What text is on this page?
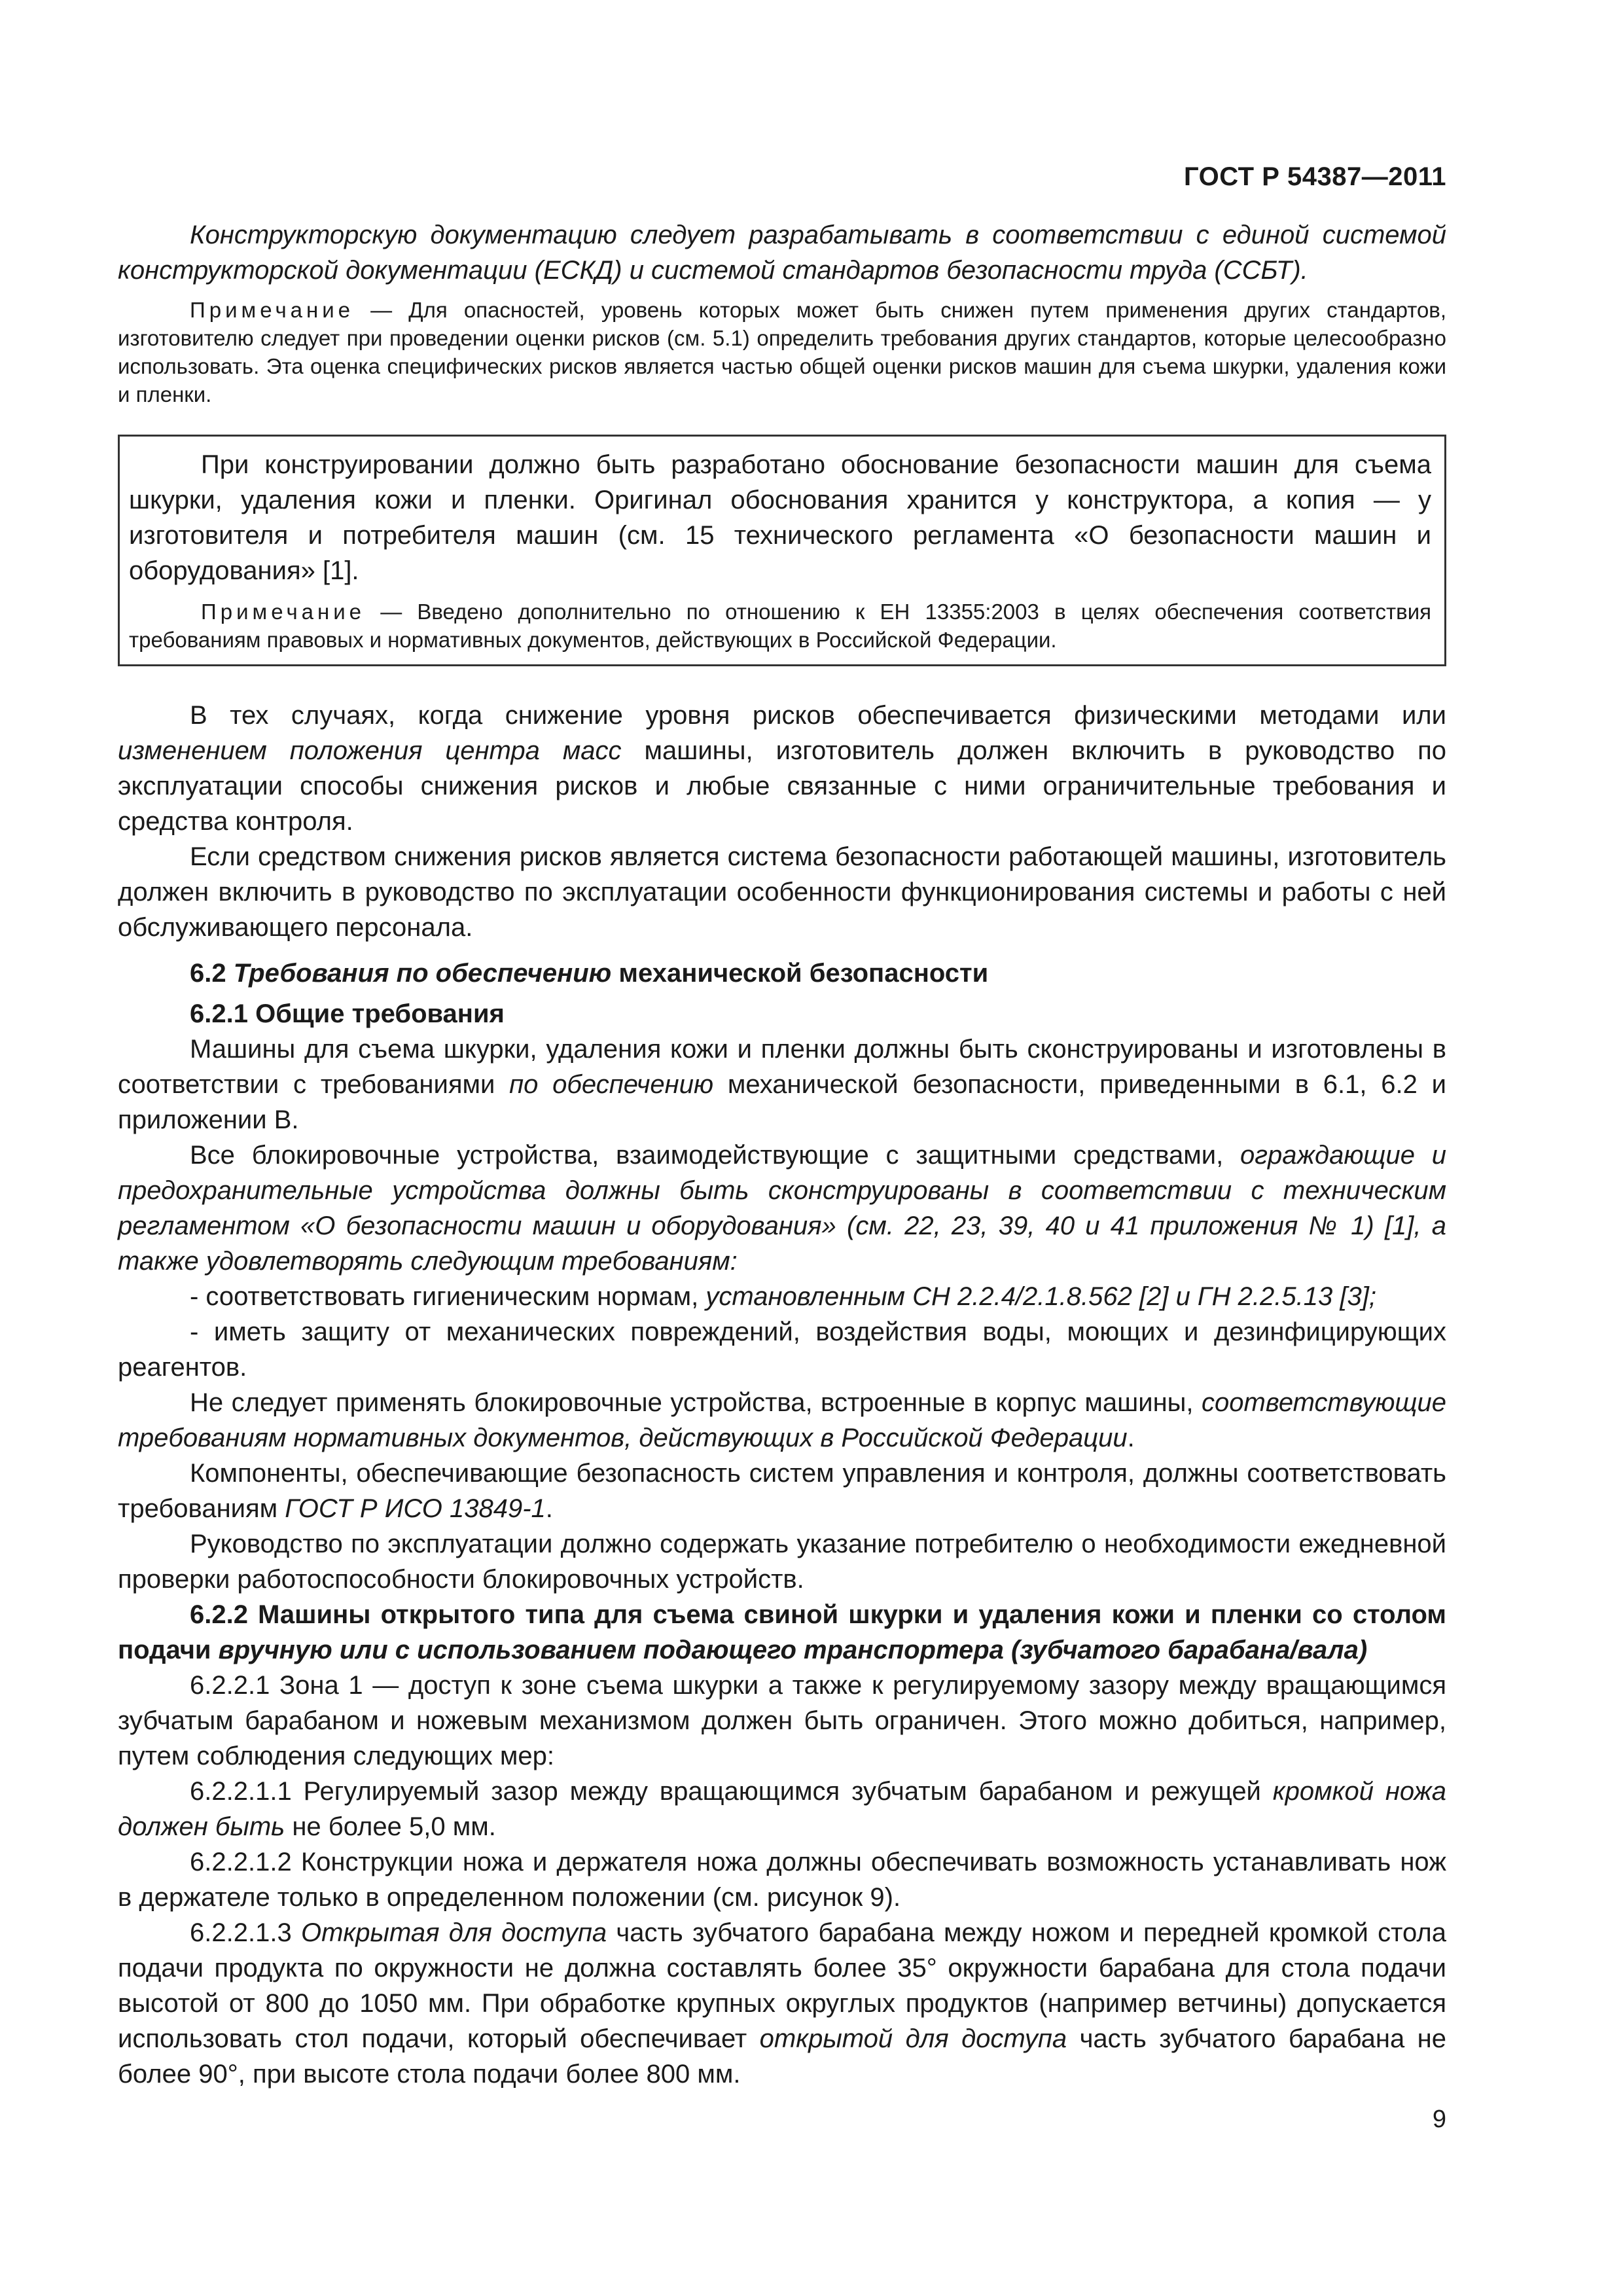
ГОСТ Р 54387—2011

Конструкторскую документацию следует разрабатывать в соответствии с единой системой конструкторской документации (ЕСКД) и системой стандартов безопасности труда (ССБТ).

Примечание — Для опасностей, уровень которых может быть снижен путем применения других стандартов, изготовителю следует при проведении оценки рисков (см. 5.1) определить требования других стандартов, которые целесообразно использовать. Эта оценка специфических рисков является частью общей оценки рисков машин для съема шкурки, удаления кожи и пленки.

При конструировании должно быть разработано обоснование безопасности машин для съема шкурки, удаления кожи и пленки. Оригинал обоснования хранится у конструктора, а копия — у изготовителя и потребителя машин (см. 15 технического регламента «О безопасности машин и оборудования» [1].

Примечание — Введено дополнительно по отношению к ЕН 13355:2003 в целях обеспечения соответствия требованиям правовых и нормативных документов, действующих в Российской Федерации.

В тех случаях, когда снижение уровня рисков обеспечивается физическими методами или изменением положения центра масс машины, изготовитель должен включить в руководство по эксплуатации способы снижения рисков и любые связанные с ними ограничительные требования и средства контроля.

Если средством снижения рисков является система безопасности работающей машины, изготовитель должен включить в руководство по эксплуатации особенности функционирования системы и работы с ней обслуживающего персонала.

6.2 Требования по обеспечению механической безопасности

6.2.1 Общие требования

Машины для съема шкурки, удаления кожи и пленки должны быть сконструированы и изготовлены в соответствии с требованиями по обеспечению механической безопасности, приведенными в 6.1, 6.2 и приложении В.

Все блокировочные устройства, взаимодействующие с защитными средствами, ограждающие и предохранительные устройства должны быть сконструированы в соответствии с техническим регламентом «О безопасности машин и оборудования» (см. 22, 23, 39, 40 и 41 приложения № 1) [1], а также удовлетворять следующим требованиям:

- соответствовать гигиеническим нормам, установленным СН 2.2.4/2.1.8.562 [2] и ГН 2.2.5.13 [3];

- иметь защиту от механических повреждений, воздействия воды, моющих и дезинфицирующих реагентов.

Не следует применять блокировочные устройства, встроенные в корпус машины, соответствующие требованиям нормативных документов, действующих в Российской Федерации.

Компоненты, обеспечивающие безопасность систем управления и контроля, должны соответствовать требованиям ГОСТ Р ИСО 13849-1.

Руководство по эксплуатации должно содержать указание потребителю о необходимости ежедневной проверки работоспособности блокировочных устройств.

6.2.2 Машины открытого типа для съема свиной шкурки и удаления кожи и пленки со столом подачи вручную или с использованием подающего транспортера (зубчатого барабана/вала)

6.2.2.1 Зона 1 — доступ к зоне съема шкурки а также к регулируемому зазору между вращающимся зубчатым барабаном и ножевым механизмом должен быть ограничен. Этого можно добиться, например, путем соблюдения следующих мер:

6.2.2.1.1 Регулируемый зазор между вращающимся зубчатым барабаном и режущей кромкой ножа должен быть не более 5,0 мм.

6.2.2.1.2 Конструкции ножа и держателя ножа должны обеспечивать возможность устанавливать нож в держателе только в определенном положении (см. рисунок 9).

6.2.2.1.3 Открытая для доступа часть зубчатого барабана между ножом и передней кромкой стола подачи продукта по окружности не должна составлять более 35° окружности барабана для стола подачи высотой от 800 до 1050 мм. При обработке крупных округлых продуктов (например ветчины) допускается использовать стол подачи, который обеспечивает открытой для доступа часть зубчатого барабана не более 90°, при высоте стола подачи более 800 мм.

9
